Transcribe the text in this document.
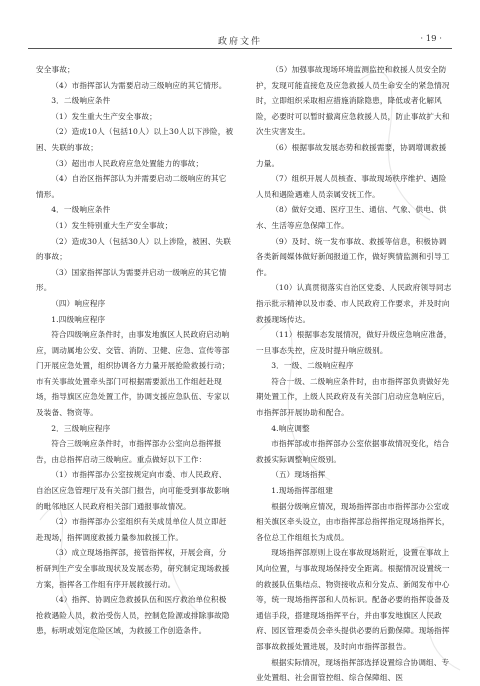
政府文件	· 19 ·

安全事故；

（4）市指挥部认为需要启动三级响应的其它情形。

3．二级响应条件

（1）发生重大生产安全事故；

（2）造成10人（包括10人）以上30人以下涉险，被困、失联的事故；

（3）超出市人民政府应急处置能力的事故；

（4）自治区指挥部认为并需要启动二级响应的其它情形。

4．一级响应条件

（1）发生特别重大生产安全事故；

（2）造成30人（包括30人）以上涉险，被困、失联的事故；

（3）国家指挥部认为需要并启动一级响应的其它情形。

（四）响应程序

1.四级响应程序

符合四级响应条件时，由事发地旗区人民政府启动响应，调动属地公安、交管、消防、卫健、应急、宣传等部门开展应急处置，组织协调各方力量开展抢险救援行动；市有关事故处置牵头部门可根据需要派出工作组赶赴现场，指导旗区应急处置工作，协调支援应急队伍、专家以及装备、物资等。

2．三级响应程序

符合三级响应条件时，市指挥部办公室向总指挥报告，由总指挥启动三级响应。重点做好以下工作：

（1）市指挥部办公室按规定向市委、市人民政府、自治区应急管理厅及有关部门报告，向可能受到事故影响的毗邻地区人民政府相关部门通报事故情况。

（2）市指挥部办公室组织有关成员单位人员立即赶赴现场，指挥调度救援力量参加救援工作。

（3）成立现场指挥部，接管指挥权，开展会商，分析研判生产安全事故现状及发展态势，研究制定现场救援方案，指挥各工作组有序开展救援行动。

（4）指挥、协调应急救援队伍和医疗救治单位积极抢救遇险人员，救治受伤人员，控制危险源或排除事故隐患，标明或划定危险区域，为救援工作创造条件。

（5）加强事故现场环境监测监控和救援人员安全防护，发现可能直接危及应急救援人员生命安全的紧急情况时，立即组织采取相应措施消除隐患，降低或者化解风险，必要时可以暂时撤离应急救援人员，防止事故扩大和次生灾害发生。

（6）根据事故发展态势和救援需要，协调增调救援力量。

（7）组织开展人员核查、事故现场秩序维护、遇险人员和遇险遇难人员亲属安抚工作。

（8）做好交通、医疗卫生、通信、气象、供电、供水、生活等应急保障工作。

（9）及时、统一发布事故、救援等信息，积极协调各类新闻媒体做好新闻报道工作，做好舆情监测和引导工作。

（10）认真贯彻落实自治区党委、人民政府领导同志指示批示精神以及市委、市人民政府工作要求，并及时向救援现场传达。

（11）根据事态发展情况，做好升级应急响应准备，一旦事态失控，应及时提升响应级别。

3．一级、二级响应程序

符合一级、二级响应条件时，由市指挥部负责做好先期处置工作，上级人民政府及有关部门启动应急响应后，市指挥部开展协助和配合。

4.响应调整

市指挥部或市指挥部办公室依据事故情况变化，结合救援实际调整响应级别。

（五）现场指挥

1.现场指挥部组建

根据分级响应情况，现场指挥部由市指挥部办公室或相关旗区牵头设立，由市指挥部总指挥指定现场指挥长，各位总工作组组长为成员。

现场指挥部原则上设在事故现场附近，设置在事故上风向位置，与事故现场保持安全距离。根据情况设置统一的救援队伍集结点、物资接收点和分发点、新闻发布中心等，统一现场指挥部和人员标识。配备必要的指挥设备及通信手段，搭建现场指挥平台，并由事发地旗区人民政府、园区管理委员会牵头提供必要的后勤保障。现场指挥部事故救援处置进展，及时向市指挥部报告。

根据实际情况，现场指挥部选择设置综合协调组、专业处置组、社会面管控组、综合保障组、医
